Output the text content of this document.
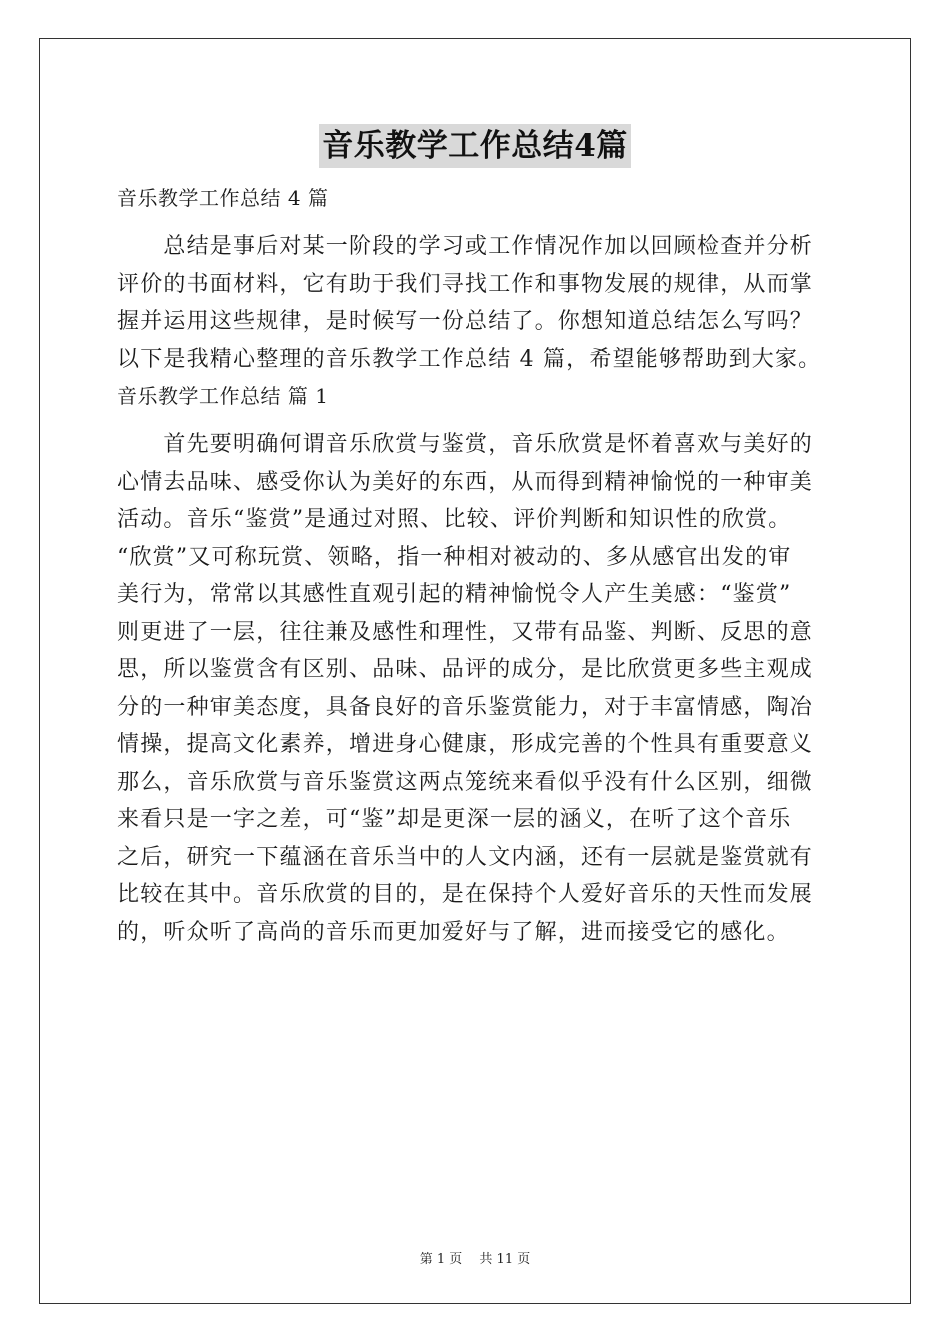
音乐教学工作总结4篇
音乐教学工作总结 4 篇
　　总结是事后对某一阶段的学习或工作情况作加以回顾检查并分析
评价的书面材料，它有助于我们寻找工作和事物发展的规律，从而掌
握并运用这些规律，是时候写一份总结了。你想知道总结怎么写吗？
以下是我精心整理的音乐教学工作总结 4 篇，希望能够帮助到大家。
音乐教学工作总结 篇 1
　　首先要明确何谓音乐欣赏与鉴赏，音乐欣赏是怀着喜欢与美好的
心情去品味、感受你认为美好的东西，从而得到精神愉悦的一种审美
活动。音乐“鉴赏”是通过对照、比较、评价判断和知识性的欣赏。
“欣赏”又可称玩赏、领略，指一种相对被动的、多从感官出发的审
美行为，常常以其感性直观引起的精神愉悦令人产生美感：“鉴赏”
则更进了一层，往往兼及感性和理性，又带有品鉴、判断、反思的意
思，所以鉴赏含有区别、品味、品评的成分，是比欣赏更多些主观成
分的一种审美态度，具备良好的音乐鉴赏能力，对于丰富情感，陶冶
情操，提高文化素养，增进身心健康，形成完善的个性具有重要意义
那么，音乐欣赏与音乐鉴赏这两点笼统来看似乎没有什么区别，细微
来看只是一字之差，可“鉴”却是更深一层的涵义，在听了这个音乐
之后，研究一下蕴涵在音乐当中的人文内涵，还有一层就是鉴赏就有
比较在其中。音乐欣赏的目的，是在保持个人爱好音乐的天性而发展
的，听众听了高尚的音乐而更加爱好与了解，进而接受它的感化。
第 1 页　 共 11 页
